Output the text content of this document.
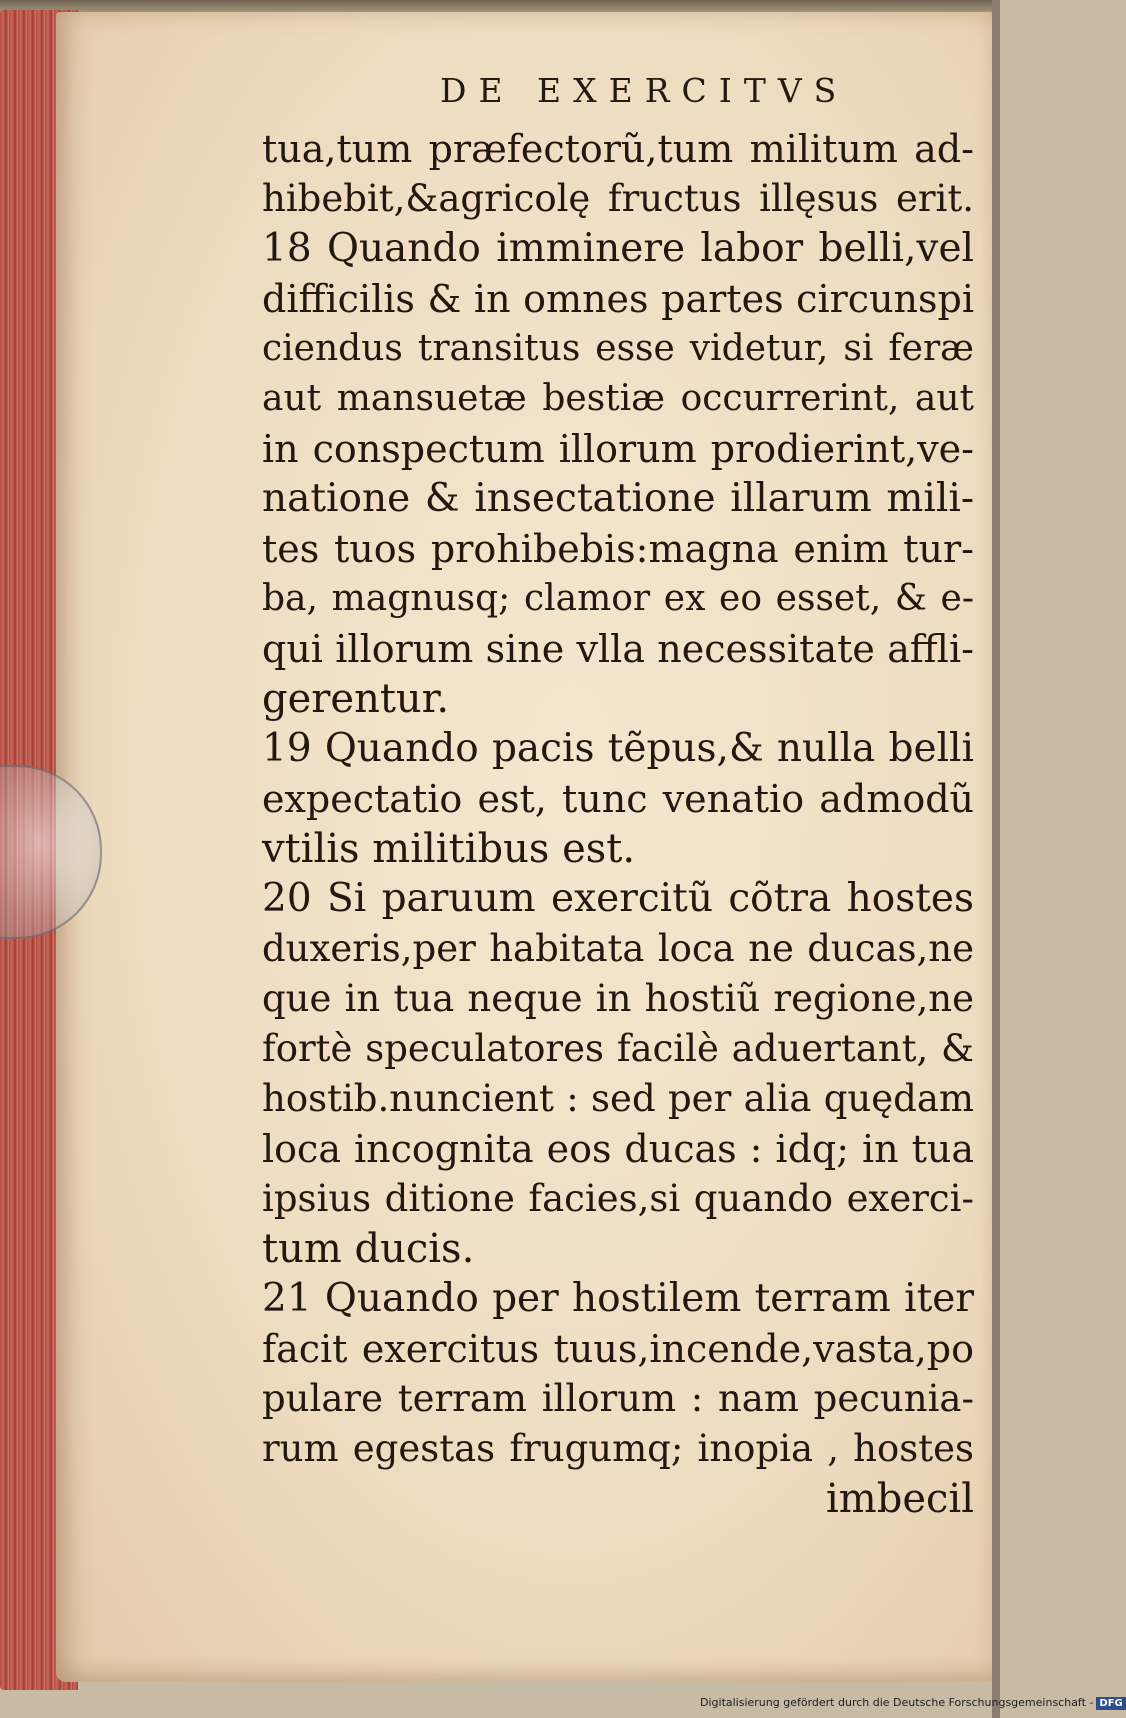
DE EXERCITVS
tua,tum præfectorũ,tum militum ad-
hibebit,&agricolę fructus illęsus erit.
18 Quando imminere labor belli,vel
difficilis & in omnes partes circunspi
ciendus transitus esse videtur, si feræ
aut mansuetæ bestiæ occurrerint, aut
in conspectum illorum prodierint,ve-
natione & insectatione illarum mili-
tes tuos prohibebis:magna enim tur-
ba, magnusq; clamor ex eo esset, & e-
qui illorum sine vlla necessitate affli-
gerentur.
19 Quando pacis tẽpus,& nulla belli
expectatio est, tunc venatio admodũ
vtilis militibus est.
20 Si paruum exercitũ cõtra hostes
duxeris,per habitata loca ne ducas,ne
que in tua neque in hostiũ regione,ne
fortè speculatores facilè aduertant, &
hostib.nuncient : sed per alia quędam
loca incognita eos ducas : idq; in tua
ipsius ditione facies,si quando exerci-
tum ducis.
21 Quando per hostilem terram iter
facit exercitus tuus,incende,vasta,po
pulare terram illorum : nam pecunia-
rum egestas frugumq; inopia , hostes
imbecil
Digitalisierung gefördert durch die Deutsche Forschungsgemeinschaft - DFG
